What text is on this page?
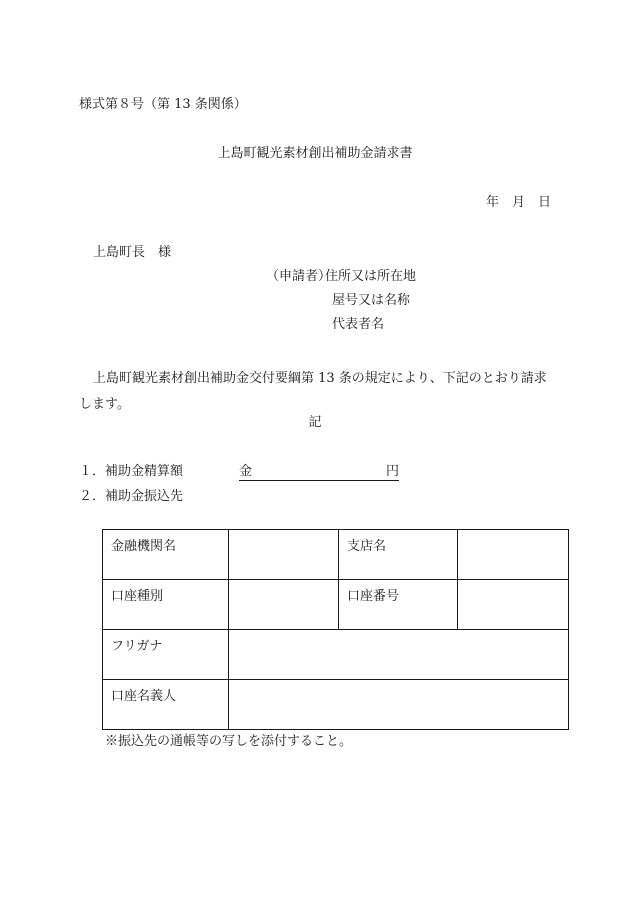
様式第８号（第 13 条関係）
上島町観光素材創出補助金請求書
年　月　日
上島町長　様
（申請者）
住所又は所在地
屋号又は名称
代表者名
上島町観光素材創出補助金交付要綱第 13 条の規定により、下記のとおり請求します。
記
１．補助金精算額	金	円
２．補助金振込先
金融機関名		支店名	
口座種別		口座番号	
フリガナ			
口座名義人			
※振込先の通帳等の写しを添付すること。
